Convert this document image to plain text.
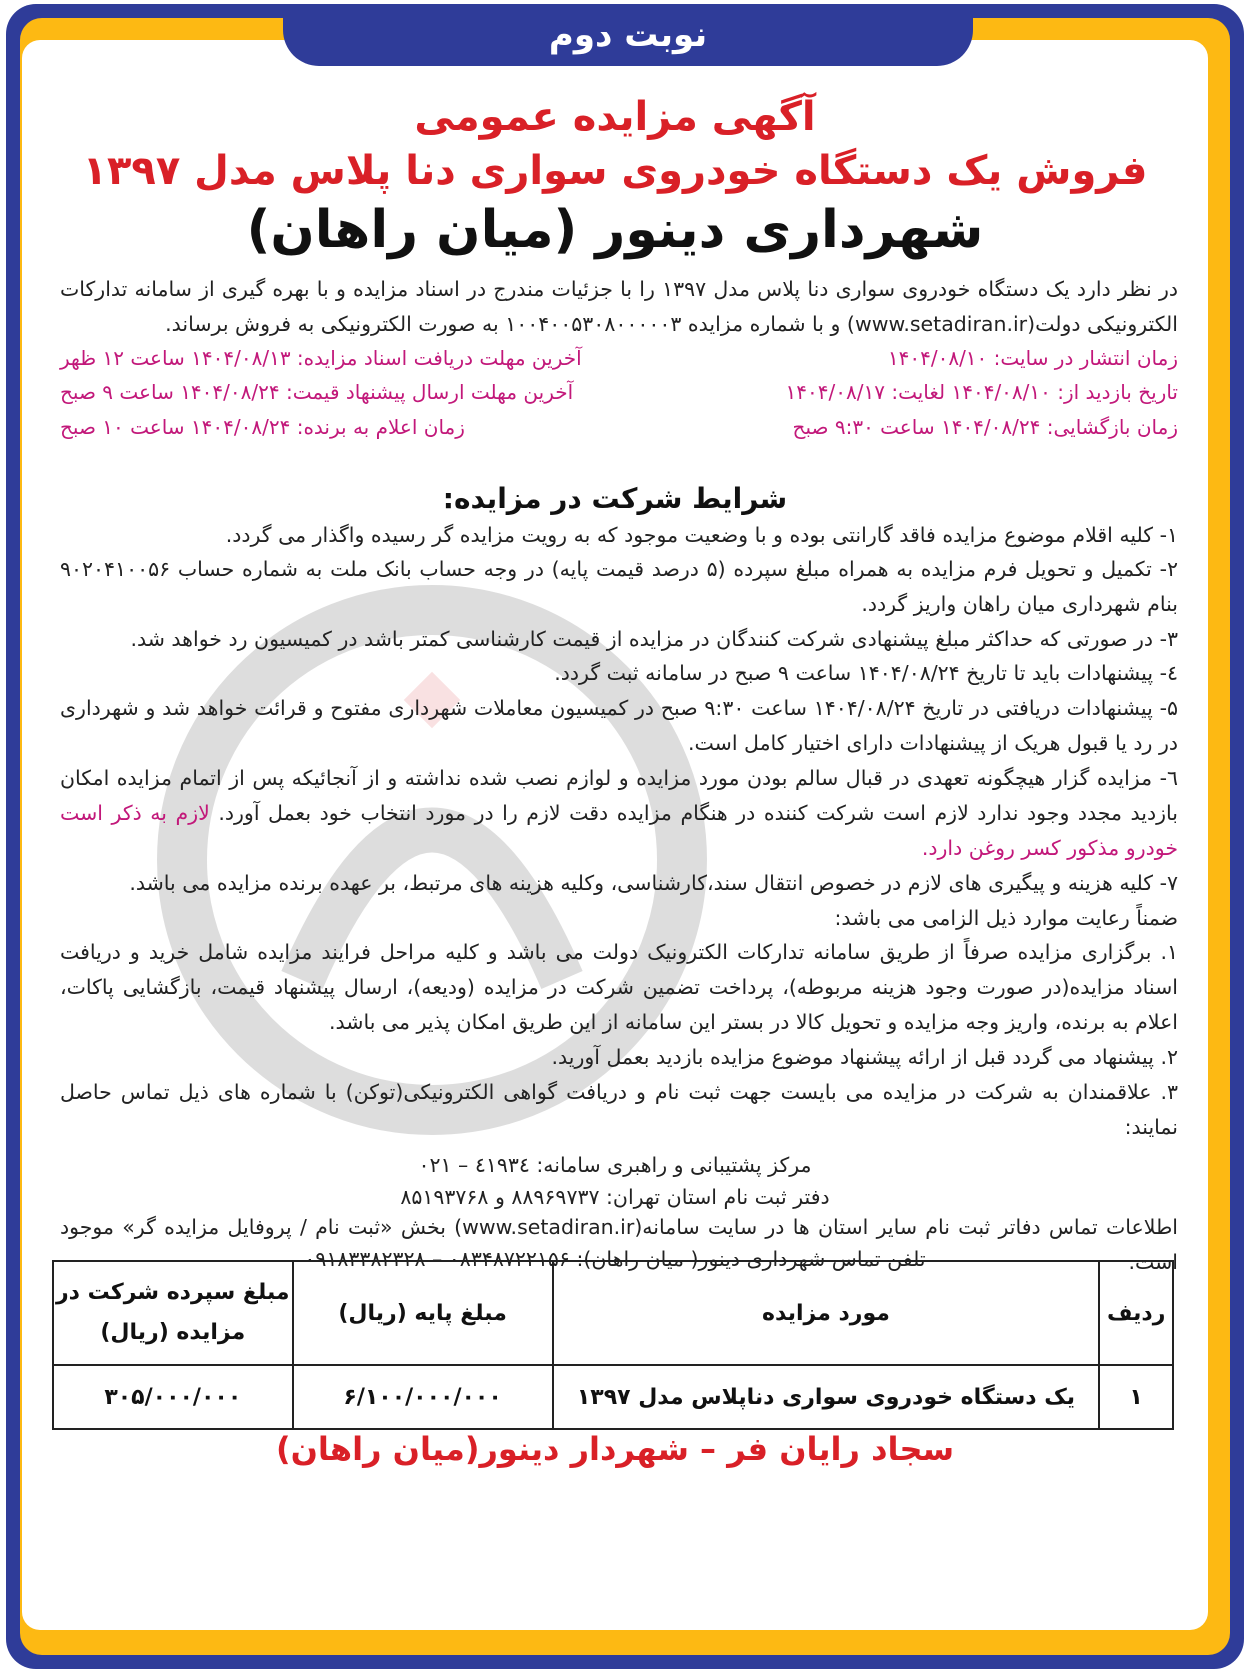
نوبت دوم
آگهی مزایده عمومی
فروش یک دستگاه خودروی سواری دنا پلاس مدل ۱۳۹۷
شهرداری دینور (میان راهان)
در نظر دارد یک دستگاه خودروی سواری دنا پلاس مدل ۱۳۹۷ را با جزئیات مندرج در اسناد مزایده و با بهره گیری از سامانه تدارکات الکترونیکی دولت(www.setadiran.ir) و با شماره مزایده ۱۰۰۴۰۰۵۳۰۸۰۰۰۰۰۳ به صورت الکترونیکی به فروش برساند.
زمان انتشار در سایت: ۱۴۰۴/۰۸/۱۰
آخرین مهلت دریافت اسناد مزایده: ۱۴۰۴/۰۸/۱۳ ساعت ۱۲ ظهر
تاریخ بازدید از: ۱۴۰۴/۰۸/۱۰ لغایت: ۱۴۰۴/۰۸/۱۷
آخرین مهلت ارسال پیشنهاد قیمت: ۱۴۰۴/۰۸/۲۴ ساعت ۹ صبح
زمان بازگشایی: ۱۴۰۴/۰۸/۲۴ ساعت ۹:۳۰ صبح
زمان اعلام به برنده: ۱۴۰۴/۰۸/۲۴ ساعت ۱۰ صبح
شرایط شرکت در مزایده:
۱- کلیه اقلام موضوع مزایده فاقد گارانتی بوده و با وضعیت موجود که به رویت مزایده گر رسیده واگذار می گردد.
۲- تکمیل و تحویل فرم مزایده به همراه مبلغ سپرده (۵ درصد قیمت پایه) در وجه حساب بانک ملت به شماره حساب ۹۰۲۰۴۱۰۰۵۶ بنام شهرداری میان راهان واریز گردد.
۳- در صورتی که حداکثر مبلغ پیشنهادی شرکت کنندگان در مزایده از قیمت کارشناسی کمتر باشد در کمیسیون رد خواهد شد.
٤- پیشنهادات باید تا تاریخ ۱۴۰۴/۰۸/۲۴ ساعت ۹ صبح در سامانه ثبت گردد.
۵- پیشنهادات دریافتی در تاریخ ۱۴۰۴/۰۸/۲۴ ساعت ۹:۳۰ صبح در کمیسیون معاملات شهرداری مفتوح و قرائت خواهد شد و شهرداری در رد یا قبول هریک از پیشنهادات دارای اختیار کامل است.
٦- مزایده گزار هیچگونه تعهدی در قبال سالم بودن مورد مزایده و لوازم نصب شده نداشته و از آنجائیکه پس از اتمام مزایده امکان بازدید مجدد وجود ندارد لازم است شرکت کننده در هنگام مزایده دقت لازم را در مورد انتخاب خود بعمل آورد. لازم به ذکر است خودرو مذکور کسر روغن دارد.
۷- کلیه هزینه و پیگیری های لازم در خصوص انتقال سند،کارشناسی، وکلیه هزینه های مرتبط، بر عهده برنده مزایده می باشد.
ضمناً رعایت موارد ذیل الزامی می باشد:
۱. برگزاری مزایده صرفاً از طریق سامانه تدارکات الکترونیک دولت می باشد و کلیه مراحل فرایند مزایده شامل خرید و دریافت اسناد مزایده(در صورت وجود هزینه مربوطه)، پرداخت تضمین شرکت در مزایده (ودیعه)، ارسال پیشنهاد قیمت، بازگشایی پاکات، اعلام به برنده، واریز وجه مزایده و تحویل کالا در بستر این سامانه از این طریق امکان پذیر می باشد.
۲. پیشنهاد می گردد قبل از ارائه پیشنهاد موضوع مزایده بازدید بعمل آورید.
۳. علاقمندان به شرکت در مزایده می بایست جهت ثبت نام و دریافت گواهی الکترونیکی(توکن) با شماره های ذیل تماس حاصل نمایند:
مرکز پشتیبانی و راهبری سامانه: ٤١٩٣٤ – ٠٢١
دفتر ثبت نام استان تهران: ۸۸۹۶۹۷۳۷ و ۸۵۱۹۳۷۶۸
اطلاعات تماس دفاتر ثبت نام سایر استان ها در سایت سامانه(www.setadiran.ir) بخش «ثبت نام / پروفایل مزایده گر» موجود است.
تلفن تماس شهرداری دینور( میان راهان): ۰۸۳۴۸۷۲۲۱۵۶ – ۰۹۱۸۳۳۸۲۳۲۸
ردیف	مورد مزایده	مبلغ پایه (ریال)	مبلغ سپرده شرکت در مزایده (ریال)
۱	یک دستگاه خودروی سواری دناپلاس مدل ۱۳۹۷	۶/۱۰۰/۰۰۰/۰۰۰	۳۰۵/۰۰۰/۰۰۰
سجاد رایان فر – شهردار دینور(میان راهان)
